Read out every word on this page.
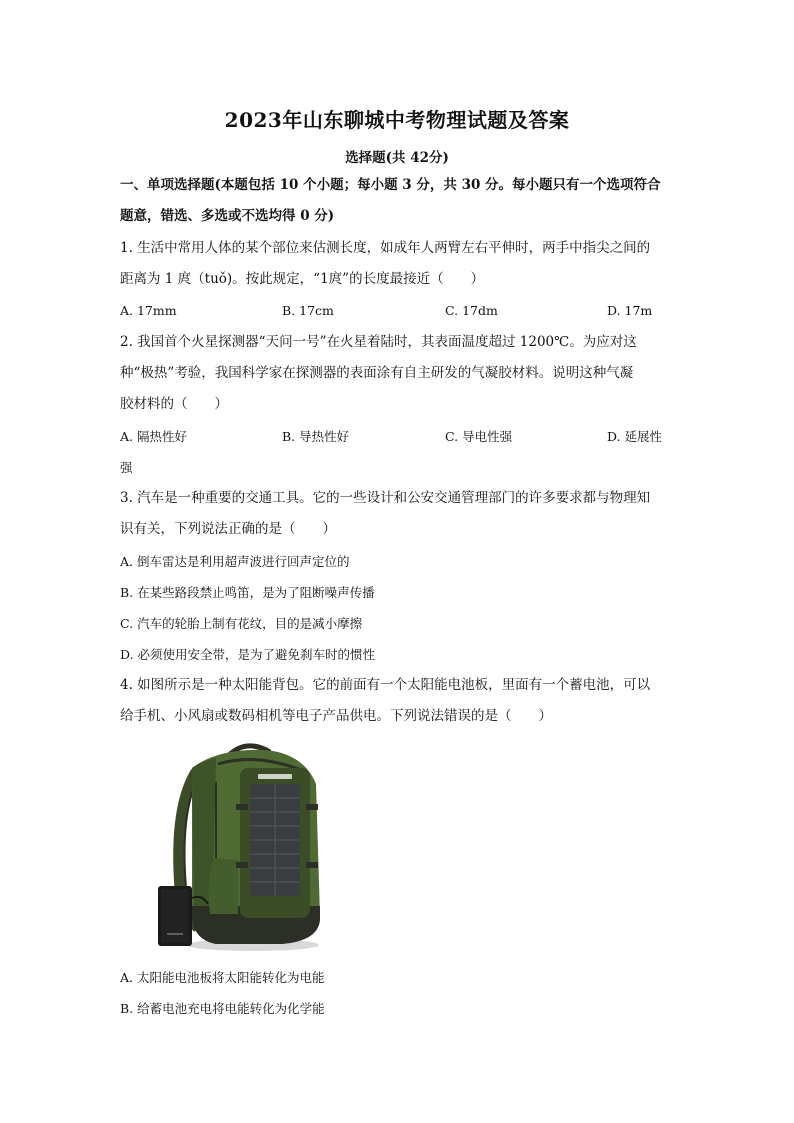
2023年山东聊城中考物理试题及答案
选择题(共 42分)
一、单项选择题(本题包括 10 个小题；每小题 3 分，共 30 分。每小题只有一个选项符合
题意，错选、多选或不选均得 0 分)
1. 生活中常用人体的某个部位来估测长度，如成年人两臂左右平伸时，两手中指尖之间的
距离为 1 庹（tuǒ)。按此规定，“1庹”的长度最接近（　　）
A. 17mm	B. 17cm	C. 17dm	D. 17m
2. 我国首个火星探测器“天问一号”在火星着陆时，其表面温度超过 1200℃。为应对这
种“极热”考验，我国科学家在探测器的表面涂有自主研发的气凝胶材料。说明这种气凝
胶材料的（　　）
A. 隔热性好	B. 导热性好	C. 导电性强	D. 延展性
强
3. 汽车是一种重要的交通工具。它的一些设计和公安交通管理部门的许多要求都与物理知
识有关，下列说法正确的是（　　）
A. 倒车雷达是利用超声波进行回声定位的
B. 在某些路段禁止鸣笛，是为了阻断噪声传播
C. 汽车的轮胎上制有花纹，目的是减小摩擦
D. 必须使用安全带，是为了避免刹车时的惯性
4. 如图所示是一种太阳能背包。它的前面有一个太阳能电池板，里面有一个蓄电池，可以
给手机、小风扇或数码相机等电子产品供电。下列说法错误的是（　　）
A. 太阳能电池板将太阳能转化为电能
B. 给蓄电池充电将电能转化为化学能
